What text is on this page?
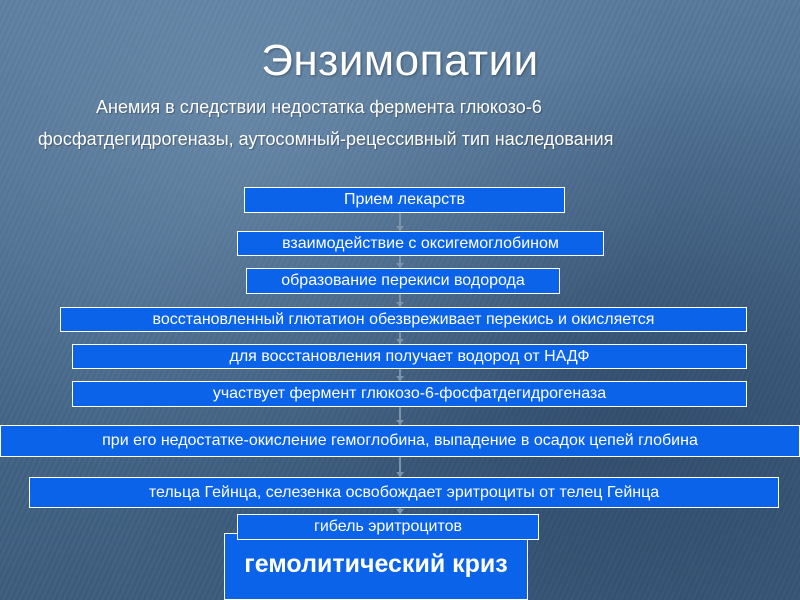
Энзимопатии
Анемия в следствии недостатка фермента глюкозо-6
фосфатдегидрогеназы, аутосомный-рецессивный тип наследования
Прием лекарств
взаимодействие с оксигемоглобином
образование перекиси водорода
восстановленный глютатион обезвреживает перекись и окисляется
для восстановления получает водород от НАДФ
участвует фермент глюкозо-6-фосфатдегидрогеназа
при его недостатке-окисление гемоглобина, выпадение в осадок цепей глобина
тельца Гейнца, селезенка освобождает эритроциты от телец Гейнца
гемолитический криз
гибель эритроцитов
